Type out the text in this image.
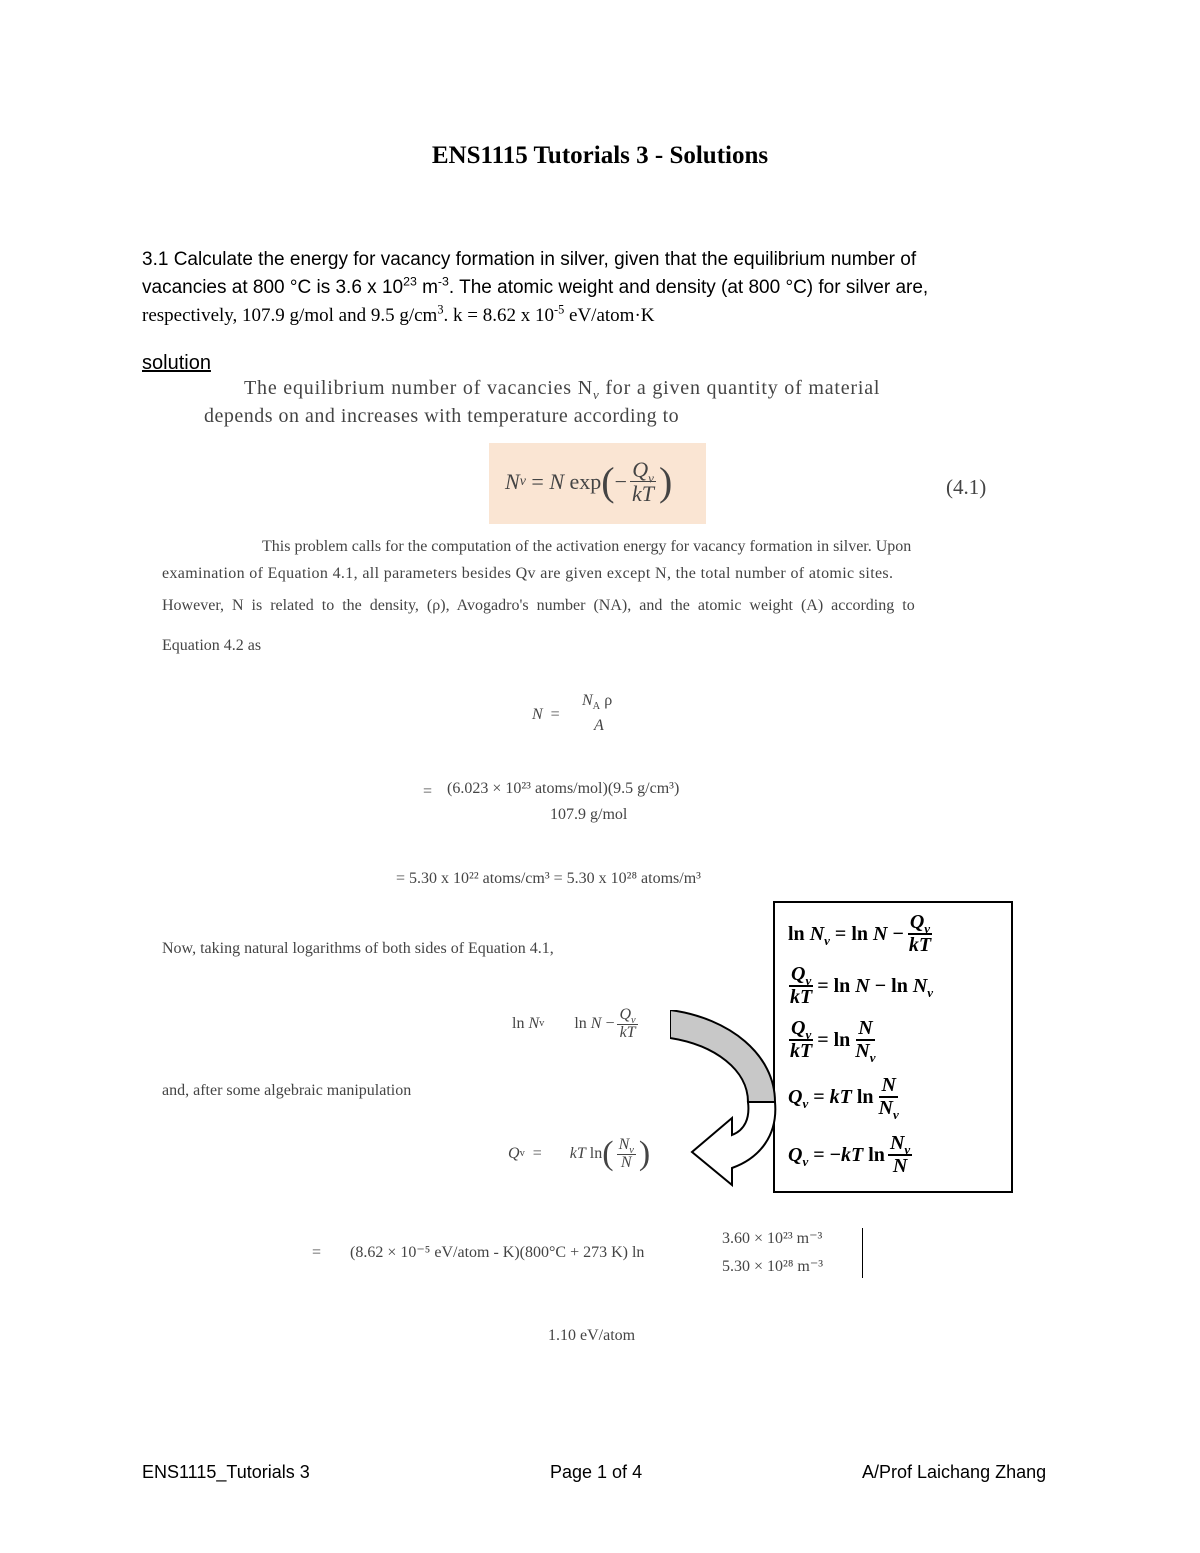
ENS1115 Tutorials 3 - Solutions
3.1 Calculate the energy for vacancy formation in silver, given that the equilibrium number of
vacancies at 800 °C is 3.6 x $10^{23}$ $m^{-3}$. The atomic weight and density (at 800 °C) for silver are,
respectively, 107.9 g/mol and 9.5 $g/cm^3$. k = 8.62 x $10^{-5}$ eV/atom·K
solution
The equilibrium number of vacancies $N_v$ for a given quantity of material
depends on and increases with temperature according to
N v = N exp ( − $\frac{Q_v}{kT}$ )	(4.1)
This problem calls for the computation of the activation energy for vacancy formation in silver. Upon
examination of Equation 4.1, all parameters besides Qv are given except N, the total number of atomic sites.
However, N is related to the density, (ρ), Avogadro's number (NA), and the atomic weight (A) according to
Equation 4.2 as
N  =
$N_A$ ρ
A
= (6.023 × 10²³ atoms/mol)(9.5 g/cm³)
107.9 g/mol
= 5.30 x 10²² atoms/cm³ = 5.30 x 10²⁸ atoms/m³
$\ln N_v = \ln N - \frac{Q_v}{kT}$
$\frac{Q_v}{kT} = \ln N - \ln N_v$
$\frac{Q_v}{kT} = \ln \frac{N}{N_v}$
$Q_v$ = kT $\ln \frac{N}{N_v}$
$Q_v$ = − kT $\ln \frac{N_v}{N}$
Now, taking natural logarithms of both sides of Equation 4.1,
ln N v $\ln N - \frac{Q_v}{kT}$
and, after some algebraic manipulation
Q v = kT ln ( $\frac{N_v}{N}$ )
= (8.62 × 10⁻⁵ eV/atom - K)(800°C + 273 K) ln
3.60 × 10²³ m⁻³
5.30 × 10²⁸ m⁻³
1.10 eV/atom
ENS1115_Tutorials 3	Page 1 of 4	A/Prof Laichang Zhang
